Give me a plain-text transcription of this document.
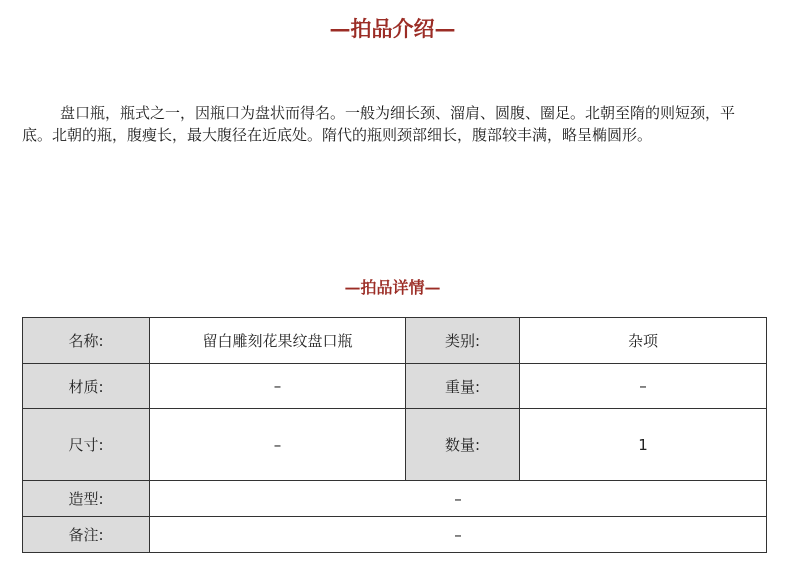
—拍品介绍—

盘口瓶，瓶式之一，因瓶口为盘状而得名。一般为细长颈、溜肩、圆腹、圈足。北朝至隋的则短颈，平底。北朝的瓶，腹瘦长，最大腹径在近底处。隋代的瓶则颈部细长，腹部较丰满，略呈椭圆形。

—拍品详情—
名称:	留白雕刻花果纹盘口瓶	类别:	杂项
材质:	–	重量:	–
尺寸:	–	数量:	1
造型:	–		
备注:	–		
